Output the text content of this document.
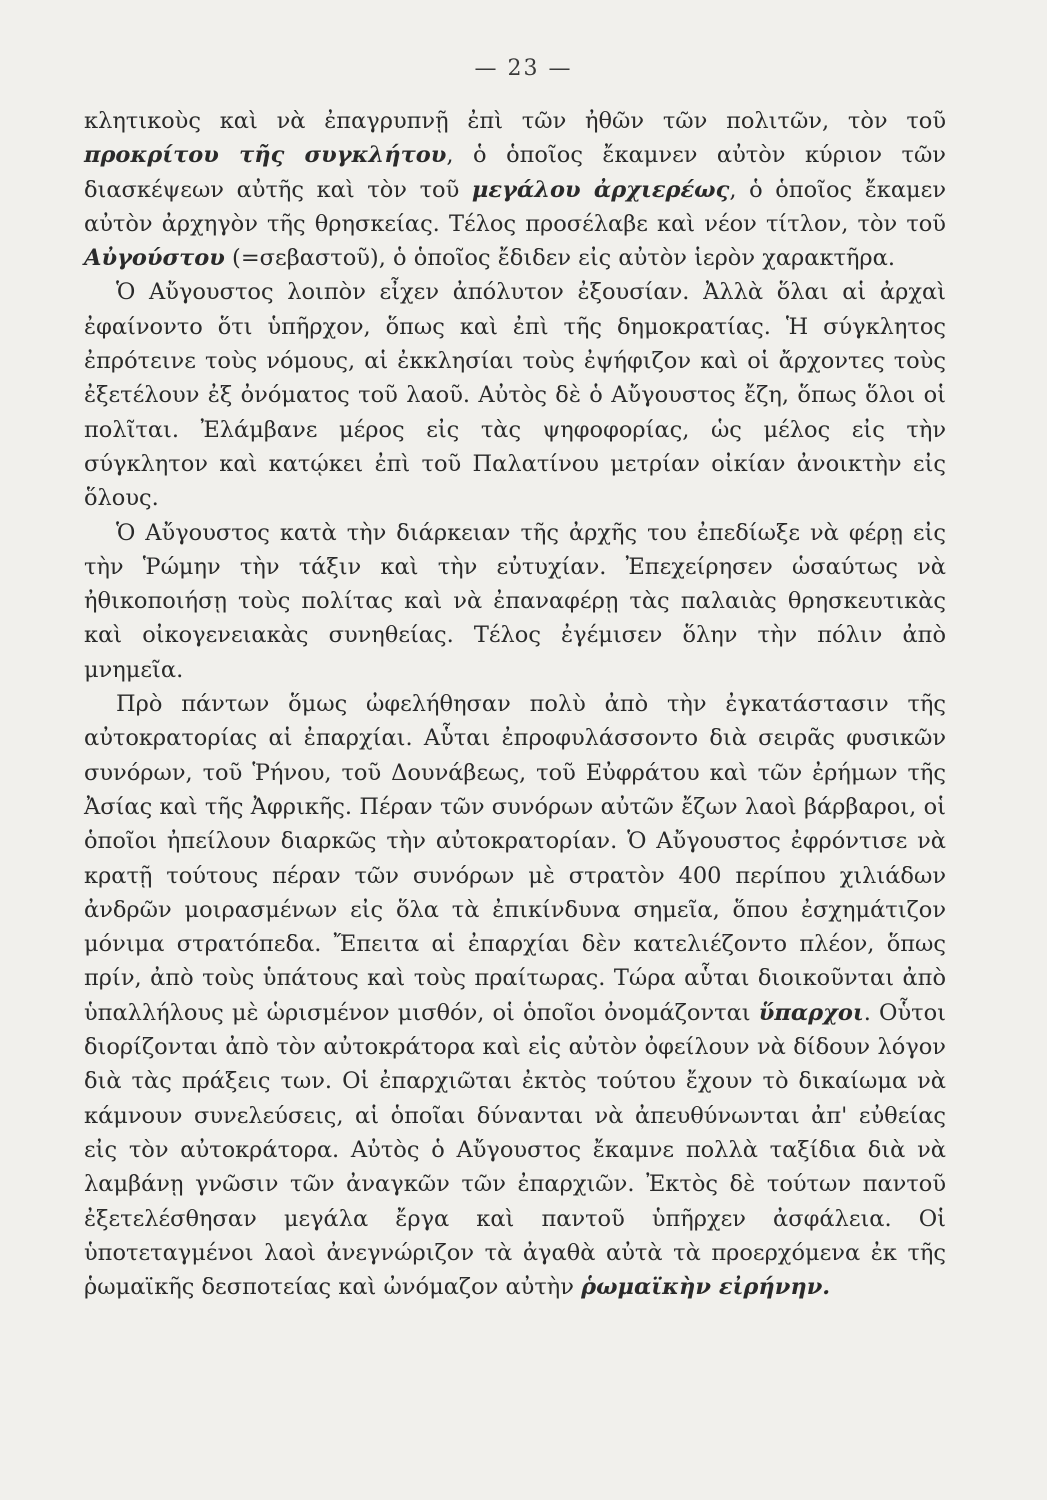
— 23 —

κλητικοὺς καὶ νὰ ἐπαγρυπνῇ ἐπὶ τῶν ἠθῶν τῶν πολιτῶν, τὸν τοῦ προκρίτου τῆς συγκλήτου, ὁ ὁποῖος ἔκαμνεν αὐτὸν κύριον τῶν διασκέψεων αὐτῆς καὶ τὸν τοῦ μεγάλου ἀρχιερέως, ὁ ὁποῖος ἔκαμεν αὐτὸν ἀρχηγὸν τῆς θρησκείας. Τέλος προσέλαβε καὶ νέον τίτλον, τὸν τοῦ Αὐγούστου (=σεβαστοῦ), ὁ ὁποῖος ἔδιδεν εἰς αὐτὸν ἱερὸν χαρακτῆρα.

Ὁ Αὔγουστος λοιπὸν εἶχεν ἀπόλυτον ἐξουσίαν. Ἀλλὰ ὅλαι αἱ ἀρχαὶ ἐφαίνοντο ὅτι ὑπῆρχον, ὅπως καὶ ἐπὶ τῆς δημοκρατίας. Ἡ σύγκλητος ἐπρότεινε τοὺς νόμους, αἱ ἐκκλησίαι τοὺς ἐψήφιζον καὶ οἱ ἄρχοντες τοὺς ἐξετέλουν ἐξ ὀνόματος τοῦ λαοῦ. Αὐτὸς δὲ ὁ Αὔγουστος ἔζη, ὅπως ὅλοι οἱ πολῖται. Ἐλάμβανε μέρος εἰς τὰς ψηφοφορίας, ὡς μέλος εἰς τὴν σύγκλητον καὶ κατῴκει ἐπὶ τοῦ Παλατίνου μετρίαν οἰκίαν ἀνοικτὴν εἰς ὅλους.

Ὁ Αὔγουστος κατὰ τὴν διάρκειαν τῆς ἀρχῆς του ἐπεδίωξε νὰ φέρῃ εἰς τὴν Ῥώμην τὴν τάξιν καὶ τὴν εὐτυχίαν. Ἐπεχείρησεν ὡσαύτως νὰ ἠθικοποιήσῃ τοὺς πολίτας καὶ νὰ ἐπαναφέρῃ τὰς παλαιὰς θρησκευτικὰς καὶ οἰκογενειακὰς συνηθείας. Τέλος ἐγέμισεν ὅλην τὴν πόλιν ἀπὸ μνημεῖα.

Πρὸ πάντων ὅμως ὠφελήθησαν πολὺ ἀπὸ τὴν ἐγκατάστασιν τῆς αὐτοκρατορίας αἱ ἐπαρχίαι. Αὗται ἐπροφυλάσσοντο διὰ σειρᾶς φυσικῶν συνόρων, τοῦ Ῥήνου, τοῦ Δουνάβεως, τοῦ Εὐφράτου καὶ τῶν ἐρήμων τῆς Ἀσίας καὶ τῆς Ἀφρικῆς. Πέραν τῶν συνόρων αὐτῶν ἔζων λαοὶ βάρβαροι, οἱ ὁποῖοι ἠπείλουν διαρκῶς τὴν αὐτοκρατορίαν. Ὁ Αὔγουστος ἐφρόντισε νὰ κρατῇ τούτους πέραν τῶν συνόρων μὲ στρατὸν 400 περίπου χιλιάδων ἀνδρῶν μοιρασμένων εἰς ὅλα τὰ ἐπικίνδυνα σημεῖα, ὅπου ἐσχημάτιζον μόνιμα στρατόπεδα. Ἔπειτα αἱ ἐπαρχίαι δὲν κατελιέζοντο πλέον, ὅπως πρίν, ἀπὸ τοὺς ὑπάτους καὶ τοὺς πραίτωρας. Τώρα αὗται διοικοῦνται ἀπὸ ὑπαλλήλους μὲ ὡρισμένον μισθόν, οἱ ὁποῖοι ὀνομάζονται ὕπαρχοι. Οὗτοι διορίζονται ἀπὸ τὸν αὐτοκράτορα καὶ εἰς αὐτὸν ὀφείλουν νὰ δίδουν λόγον διὰ τὰς πράξεις των. Οἱ ἐπαρχιῶται ἐκτὸς τούτου ἔχουν τὸ δικαίωμα νὰ κάμνουν συνελεύσεις, αἱ ὁποῖαι δύνανται νὰ ἀπευθύνωνται ἀπ' εὐθείας εἰς τὸν αὐτοκράτορα. Αὐτὸς ὁ Αὔγουστος ἔκαμνε πολλὰ ταξίδια διὰ νὰ λαμβάνῃ γνῶσιν τῶν ἀναγκῶν τῶν ἐπαρχιῶν. Ἐκτὸς δὲ τούτων παντοῦ ἐξετελέσθησαν μεγάλα ἔργα καὶ παντοῦ ὑπῆρχεν ἀσφάλεια. Οἱ ὑποτεταγμένοι λαοὶ ἀνεγνώριζον τὰ ἀγαθὰ αὐτὰ τὰ προερχόμενα ἐκ τῆς ῥωμαϊκῆς δεσποτείας καὶ ὠνόμαζον αὐτὴν ῥωμαϊκὴν εἰρήνην.
